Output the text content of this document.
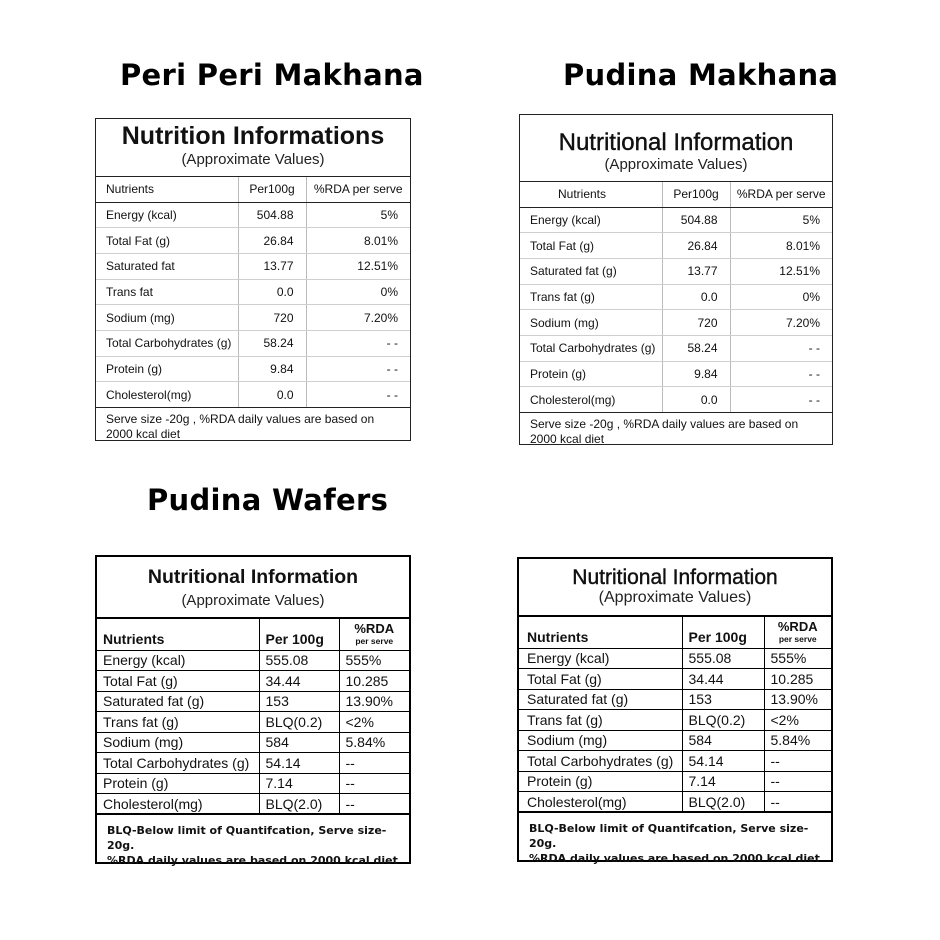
Peri Peri Makhana	Pudina Makhana
Pudina Wafers
Nutrition Informations
(Approximate Values)
Nutrients	Per100g	%RDA per serve
Energy (kcal)	504.88	5%
Total Fat (g)	26.84	8.01%
Saturated fat	13.77	12.51%
Trans fat	0.0	0%
Sodium (mg)	720	7.20%
Total Carbohydrates (g)	58.24	- -
Protein (g)	9.84	- -
Cholesterol(mg)	0.0	- -
Serve size -20g , %RDA daily values are based on 2000 kcal diet
Nutritional Information
(Approximate Values)
Nutrients	Per100g	%RDA per serve
Energy (kcal)	504.88	5%
Total Fat (g)	26.84	8.01%
Saturated fat (g)	13.77	12.51%
Trans fat (g)	0.0	0%
Sodium (mg)	720	7.20%
Total Carbohydrates (g)	58.24	- -
Protein (g)	9.84	- -
Cholesterol(mg)	0.0	- -
Serve size -20g , %RDA daily values are based on 2000 kcal diet
Nutritional Information
(Approximate Values)
Nutrients	Per 100g	%RDA
per serve

Energy (kcal)	555.08	555%
Total Fat (g)	34.44	10.285
Saturated fat (g)	153	13.90%
Trans fat (g)	BLQ(0.2)	<2%
Sodium (mg)	584	5.84%
Total Carbohydrates (g)	54.14	--
Protein (g)	7.14	--
Cholesterol(mg)	BLQ(2.0)	--
BLQ-Below limit of Quantifcation, Serve size- 20g.
%RDA daily values are based on 2000 kcal diet
Nutritional Information
(Approximate Values)
Nutrients	Per 100g	%RDA
per serve

Energy (kcal)	555.08	555%
Total Fat (g)	34.44	10.285
Saturated fat (g)	153	13.90%
Trans fat (g)	BLQ(0.2)	<2%
Sodium (mg)	584	5.84%
Total Carbohydrates (g)	54.14	--
Protein (g)	7.14	--
Cholesterol(mg)	BLQ(2.0)	--
BLQ-Below limit of Quantifcation, Serve size- 20g.
%RDA daily values are based on 2000 kcal diet
